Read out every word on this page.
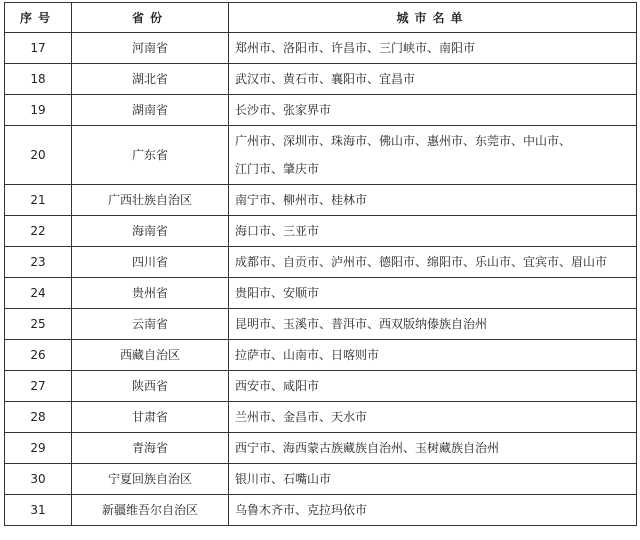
序号	省份	城市名单
17	河南省	郑州市、洛阳市、许昌市、三门峡市、南阳市

18	湖北省	武汉市、黄石市、襄阳市、宜昌市

19	湖南省	长沙市、张家界市

20	广东省	广州市、深圳市、珠海市、佛山市、惠州市、东莞市、中山市、
江门市、肇庆市

21	广西壮族自治区	南宁市、柳州市、桂林市

22	海南省	海口市、三亚市

23	四川省	成都市、自贡市、泸州市、德阳市、绵阳市、乐山市、宜宾市、眉山市

24	贵州省	贵阳市、安顺市

25	云南省	昆明市、玉溪市、普洱市、西双版纳傣族自治州

26	西藏自治区	拉萨市、山南市、日喀则市

27	陕西省	西安市、咸阳市

28	甘肃省	兰州市、金昌市、天水市

29	青海省	西宁市、海西蒙古族藏族自治州、玉树藏族自治州

30	宁夏回族自治区	银川市、石嘴山市

31	新疆维吾尔自治区	乌鲁木齐市、克拉玛依市
